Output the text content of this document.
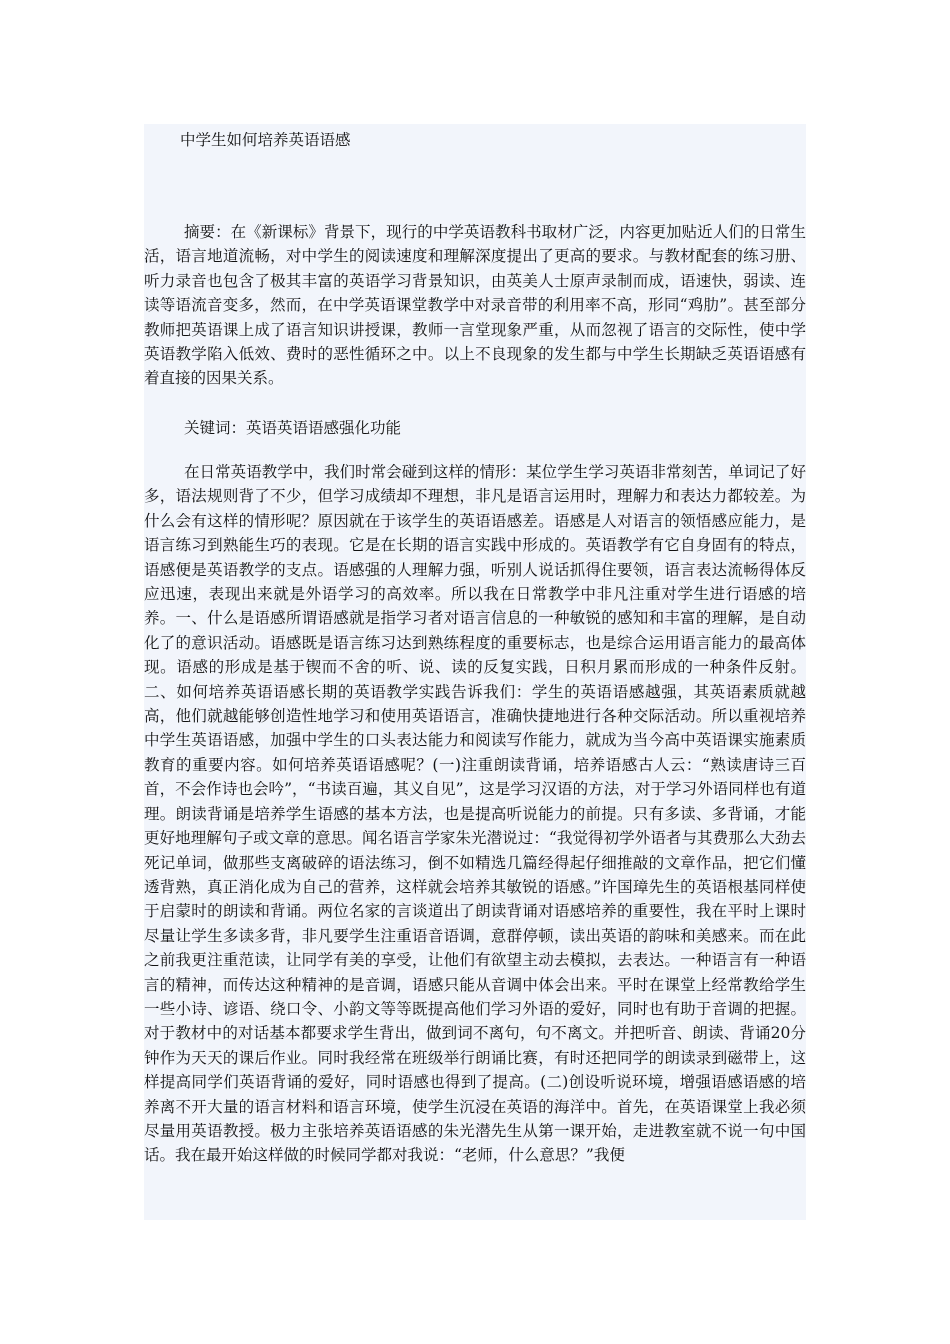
中学生如何培养英语语感

摘要：在《新课标》背景下，现行的中学英语教科书取材广泛，内容更加贴近人们的日常生活，语言地道流畅，对中学生的阅读速度和理解深度提出了更高的要求。与教材配套的练习册、听力录音也包含了极其丰富的英语学习背景知识，由英美人士原声录制而成，语速快，弱读、连读等语流音变多，然而，在中学英语课堂教学中对录音带的利用率不高，形同“鸡肋”。甚至部分教师把英语课上成了语言知识讲授课，教师一言堂现象严重，从而忽视了语言的交际性，使中学英语教学陷入低效、费时的恶性循环之中。以上不良现象的发生都与中学生长期缺乏英语语感有着直接的因果关系。

关键词：英语英语语感强化功能

在日常英语教学中，我们时常会碰到这样的情形：某位学生学习英语非常刻苦，单词记了好多，语法规则背了不少，但学习成绩却不理想，非凡是语言运用时，理解力和表达力都较差。为什么会有这样的情形呢？原因就在于该学生的英语语感差。语感是人对语言的领悟感应能力，是语言练习到熟能生巧的表现。它是在长期的语言实践中形成的。英语教学有它自身固有的特点，语感便是英语教学的支点。语感强的人理解力强，听别人说话抓得住要领，语言表达流畅得体反应迅速，表现出来就是外语学习的高效率。所以我在日常教学中非凡注重对学生进行语感的培养。一、什么是语感所谓语感就是指学习者对语言信息的一种敏锐的感知和丰富的理解，是自动化了的意识活动。语感既是语言练习达到熟练程度的重要标志，也是综合运用语言能力的最高体现。语感的形成是基于锲而不舍的听、说、读的反复实践，日积月累而形成的一种条件反射。二、如何培养英语语感长期的英语教学实践告诉我们：学生的英语语感越强，其英语素质就越高，他们就越能够创造性地学习和使用英语语言，准确快捷地进行各种交际活动。所以重视培养中学生英语语感，加强中学生的口头表达能力和阅读写作能力，就成为当今高中英语课实施素质教育的重要内容。如何培养英语语感呢？(一)注重朗读背诵，培养语感古人云：“熟读唐诗三百首，不会作诗也会吟”，“书读百遍，其义自见”，这是学习汉语的方法，对于学习外语同样也有道理。朗读背诵是培养学生语感的基本方法，也是提高听说能力的前提。只有多读、多背诵，才能更好地理解句子或文章的意思。闻名语言学家朱光潜说过：“我觉得初学外语者与其费那么大劲去死记单词，做那些支离破碎的语法练习，倒不如精选几篇经得起仔细推敲的文章作品，把它们懂透背熟，真正消化成为自己的营养，这样就会培养其敏锐的语感。”许国璋先生的英语根基同样使于启蒙时的朗读和背诵。两位名家的言谈道出了朗读背诵对语感培养的重要性，我在平时上课时尽量让学生多读多背，非凡要学生注重语音语调，意群停顿，读出英语的韵味和美感来。而在此之前我更注重范读，让同学有美的享受，让他们有欲望主动去模拟，去表达。一种语言有一种语言的精神，而传达这种精神的是音调，语感只能从音调中体会出来。平时在课堂上经常教给学生一些小诗、谚语、绕口令、小韵文等等既提高他们学习外语的爱好，同时也有助于音调的把握。对于教材中的对话基本都要求学生背出，做到词不离句，句不离文。并把听音、朗读、背诵20分钟作为天天的课后作业。同时我经常在班级举行朗诵比赛，有时还把同学的朗读录到磁带上，这样提高同学们英语背诵的爱好，同时语感也得到了提高。(二)创设听说环境，增强语感语感的培养离不开大量的语言材料和语言环境，使学生沉浸在英语的海洋中。首先，在英语课堂上我必须尽量用英语教授。极力主张培养英语语感的朱光潜先生从第一课开始，走进教室就不说一句中国话。我在最开始这样做的时候同学都对我说：“老师，什么意思？”我便
